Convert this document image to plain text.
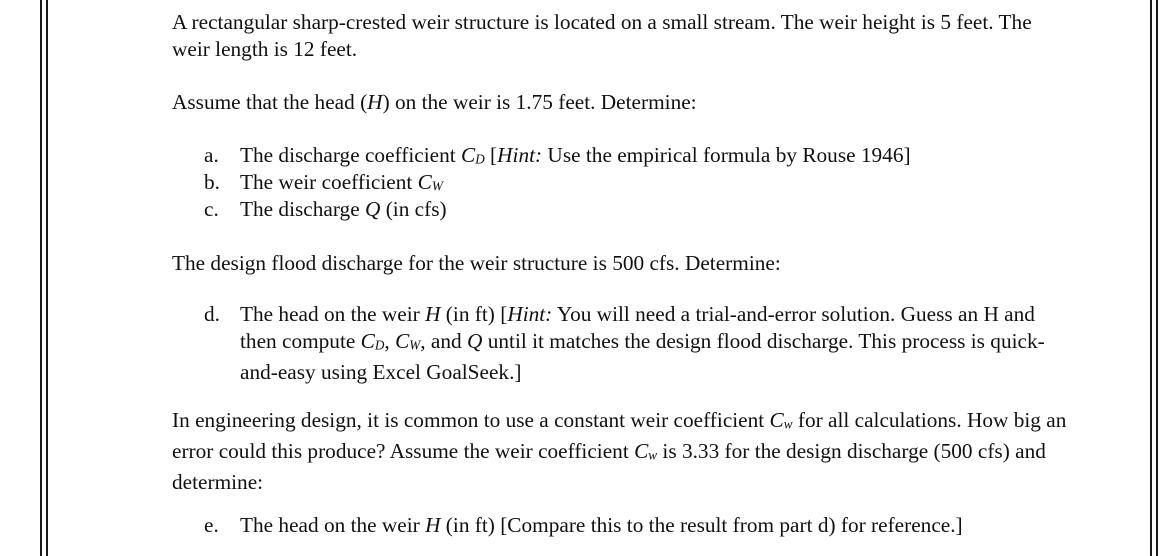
A rectangular sharp-crested weir structure is located on a small stream. The weir height is 5 feet. The
weir length is 12 feet.
Assume that the head (H) on the weir is 1.75 feet. Determine:
a. The discharge coefficient CD [Hint: Use the empirical formula by Rouse 1946]
b. The weir coefficient CW
c. The discharge Q (in cfs)
The design flood discharge for the weir structure is 500 cfs. Determine:
d. The head on the weir H (in ft) [Hint: You will need a trial-and-error solution. Guess an H and then compute CD, CW, and Q until it matches the design flood discharge. This process is quick-and-easy using Excel GoalSeek.]
In engineering design, it is common to use a constant weir coefficient Cw for all calculations. How big an error could this produce? Assume the weir coefficient Cw is 3.33 for the design discharge (500 cfs) and determine:
e. The head on the weir H (in ft) [Compare this to the result from part d) for reference.]
